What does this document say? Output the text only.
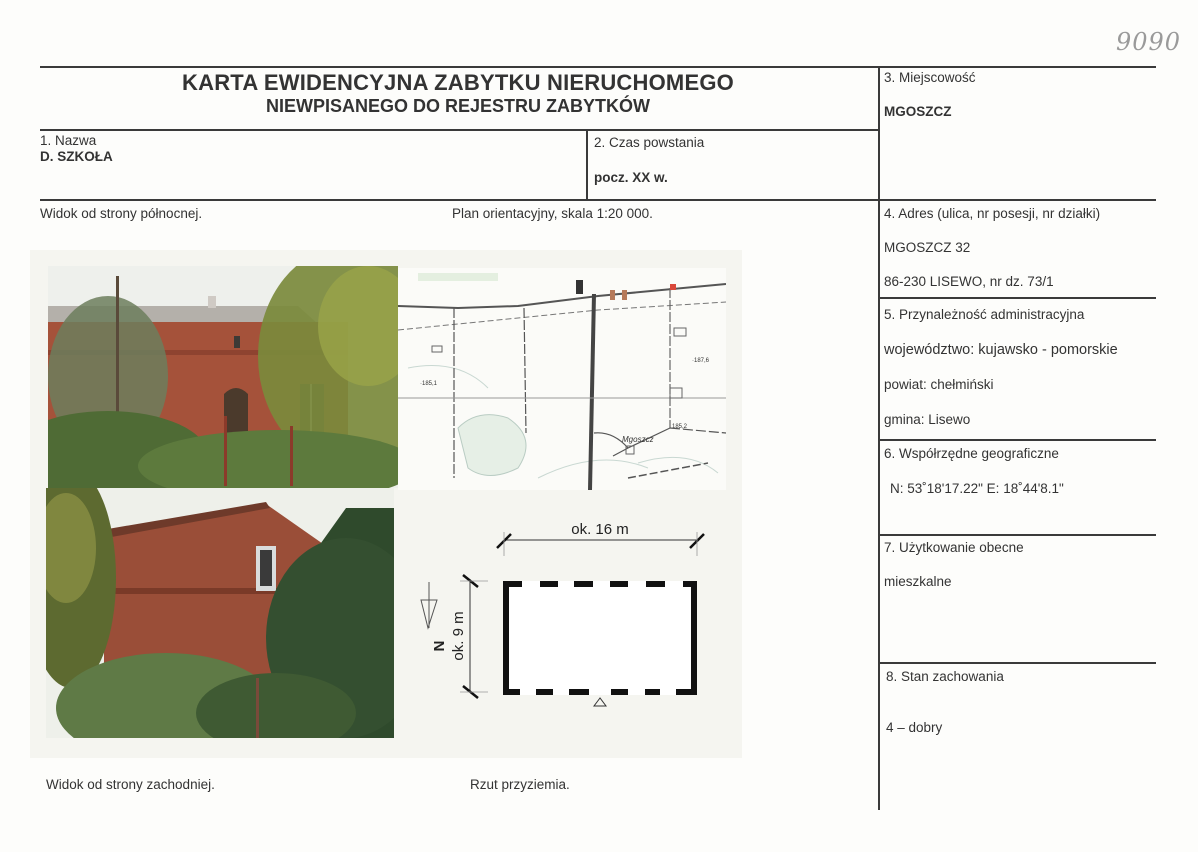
9090
KARTA EWIDENCYJNA ZABYTKU NIERUCHOMEGO
NIEWPISANEGO DO REJESTRU ZABYTKÓW
1. Nazwa
D. SZKOŁA
2. Czas powstania
pocz. XX w.
3. Miejscowość
MGOSZCZ
4. Adres (ulica, nr posesji, nr działki)
MGOSZCZ 32
86-230 LISEWO, nr dz. 73/1
5. Przynależność administracyjna
województwo: kujawsko - pomorskie
powiat: chełmiński
gmina: Lisewo
6. Współrzędne geograficzne
N: 53˚18'17.22" E: 18˚44'8.1"
7. Użytkowanie obecne
mieszkalne
8. Stan zachowania
4 – dobry
Widok od strony północnej.	Plan orientacyjny, skala 1:20 000.
Widok od strony zachodniej.	Rzut przyziemia.
·185,1
·187,6
185,2
Mgoszcz
ok. 16 m
ok. 9 m
N
